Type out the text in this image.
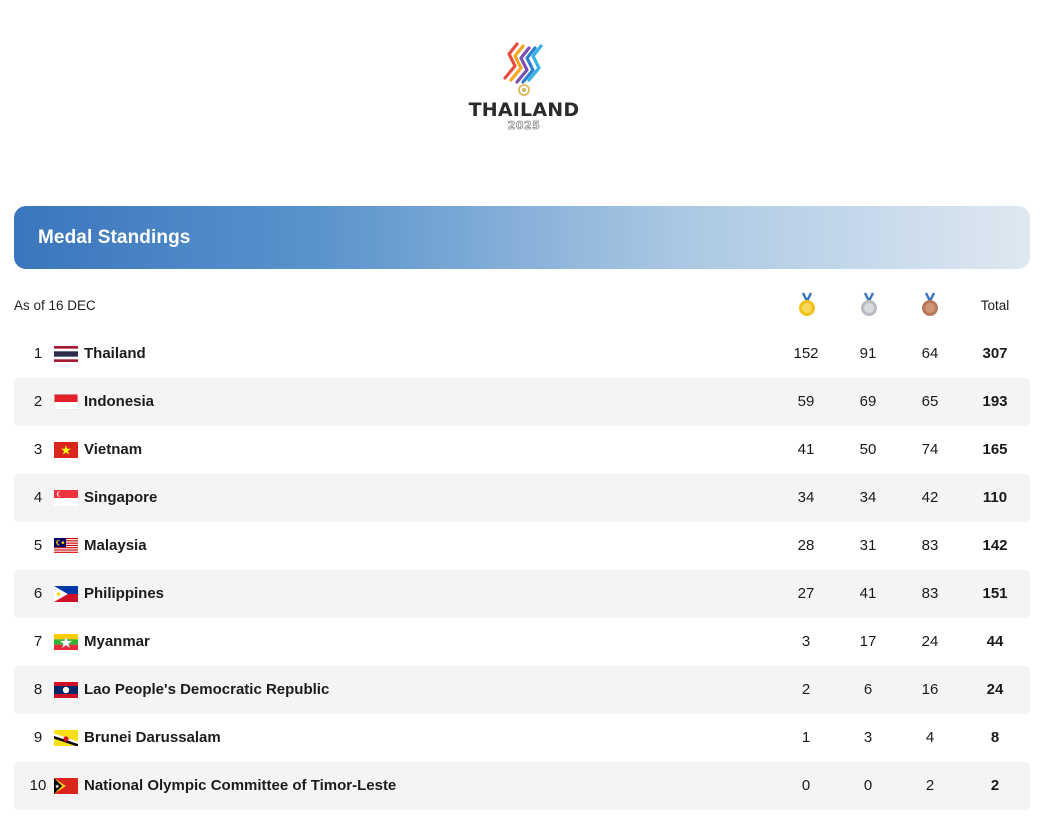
THAILAND
2025
Medal Standings
As of 16 DEC	Total
1	Thailand	152	91	64	307
2	Indonesia	59	69	65	193
3	Vietnam	41	50	74	165
4	Singapore	34	34	42	110
5	Malaysia	28	31	83	142
6	Philippines	27	41	83	151
7	Myanmar	3	17	24	44
8	Lao People's Democratic Republic	2	6	16	24
9	Brunei Darussalam	1	3	4	8
10	National Olympic Committee of Timor-Leste	0	0	2	2
